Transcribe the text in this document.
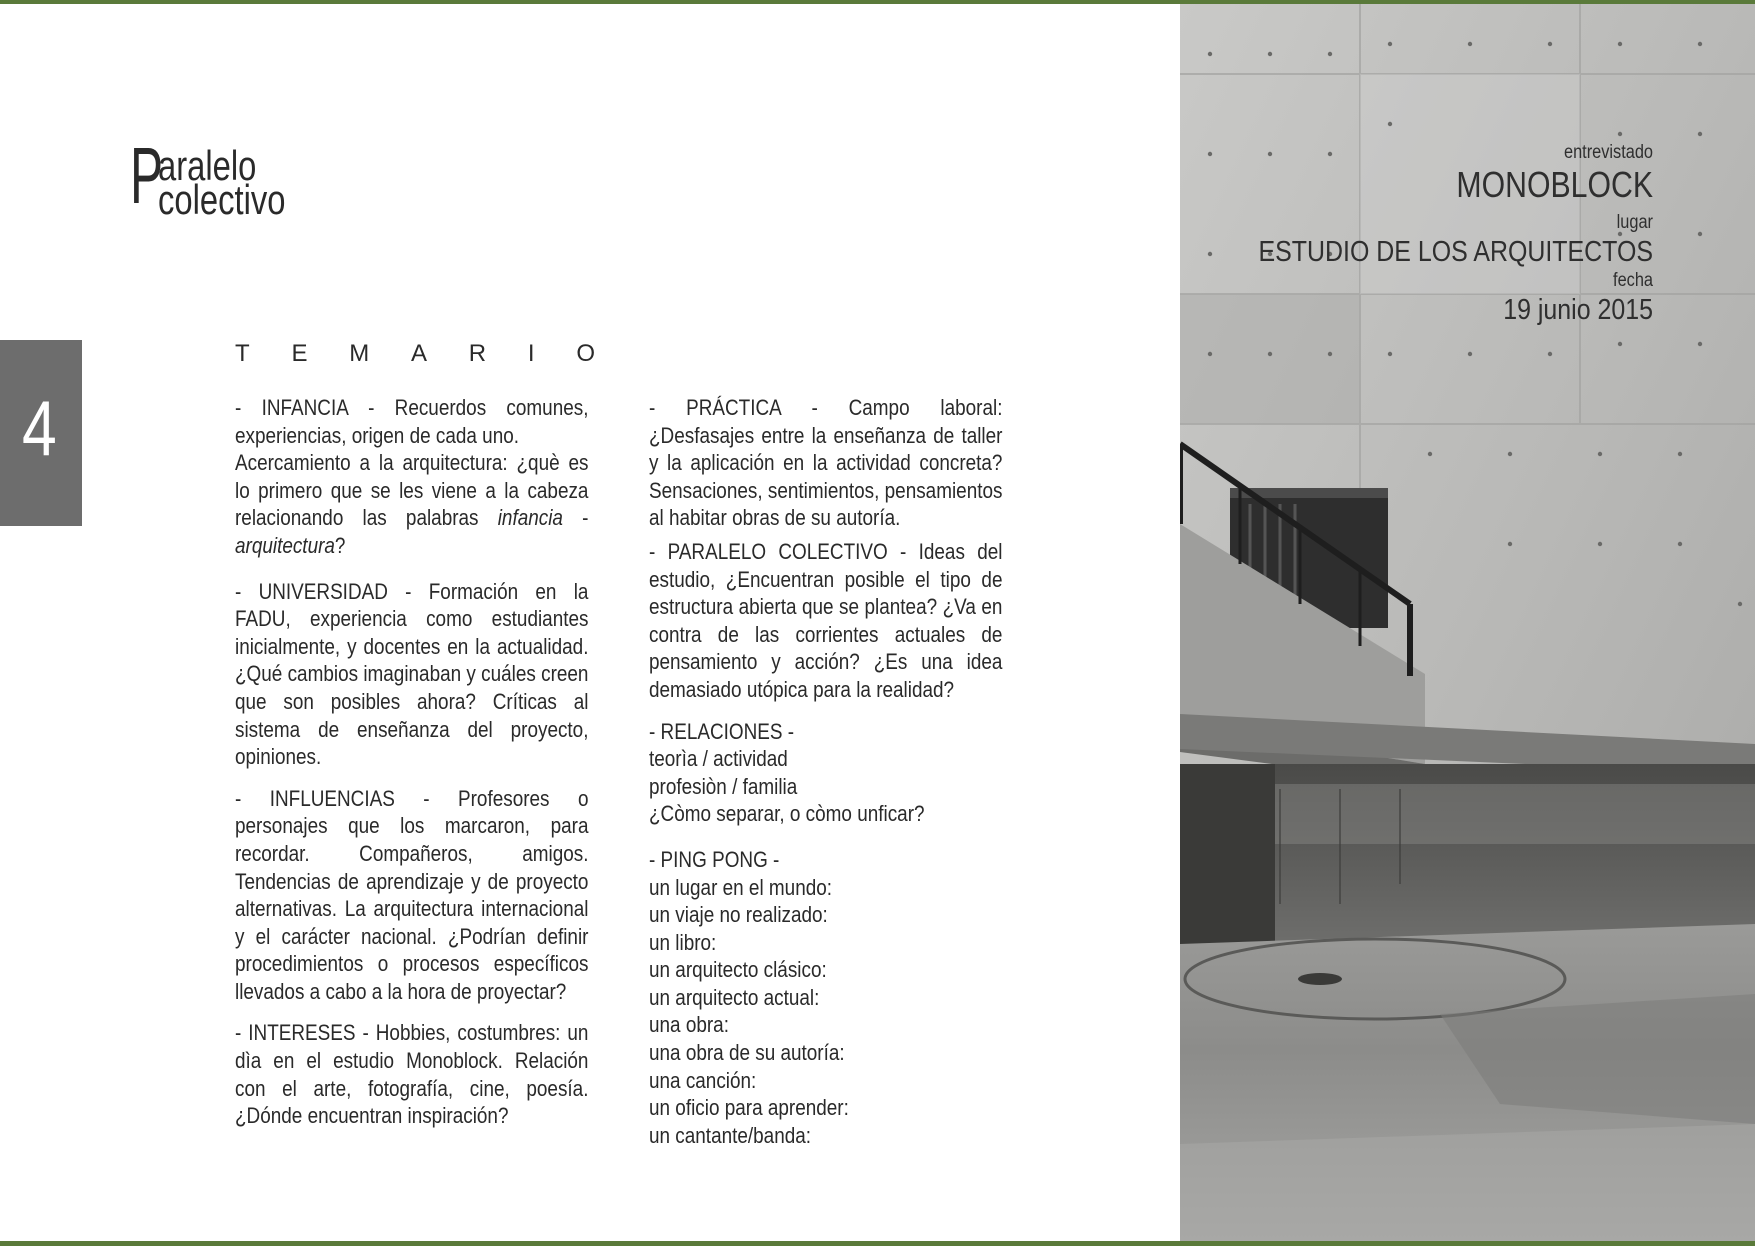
P
aralelo
colectivo
4
T E M A R I O

- INFANCIA - Recuerdos comunes, experiencias, origen de cada uno.

Acercamiento a la arquitectura: ¿què es lo primero que se les viene a la cabeza relacionando las palabras infancia - arquitectura?

- UNIVERSIDAD - Formación en la FADU, experiencia como estudiantes inicialmente, y docentes en la actualidad. ¿Qué cambios imaginaban y cuáles creen que son posibles ahora? Críticas al sistema de enseñanza del proyecto, opiniones.

- INFLUENCIAS - Profesores o personajes que los marcaron, para recordar. Compañeros, amigos. Tendencias de aprendizaje y de proyecto alternativas. La arquitectura internacional y el carácter nacional. ¿Podrían definir procedimientos o procesos específicos llevados a cabo a la hora de proyectar?

- INTERESES - Hobbies, costumbres: un dìa en el estudio Monoblock. Relación con el arte, fotografía, cine, poesía. ¿Dónde encuentran inspiración?

- PRÁCTICA - Campo laboral: ¿Desfasajes entre la enseñanza de taller y la aplicación en la actividad concreta? Sensaciones, sentimientos, pensamientos al habitar obras de su autoría.

- PARALELO COLECTIVO - Ideas del estudio, ¿Encuentran posible el tipo de estructura abierta que se plantea? ¿Va en contra de las corrientes actuales de pensamiento y acción? ¿Es una idea demasiado utópica para la realidad?

- RELACIONES -

teorìa / actividad

profesiòn / familia

¿Còmo separar, o còmo unficar?

- PING PONG -

un lugar en el mundo:

un viaje no realizado:

un libro:

un arquitecto clásico:

un arquitecto actual:

una obra:

una obra de su autoría:

una canción:

un oficio para aprender:

un cantante/banda:

entrevistado
MONOBLOCK
lugar
ESTUDIO DE LOS ARQUITECTOS
fecha
19 junio 2015
